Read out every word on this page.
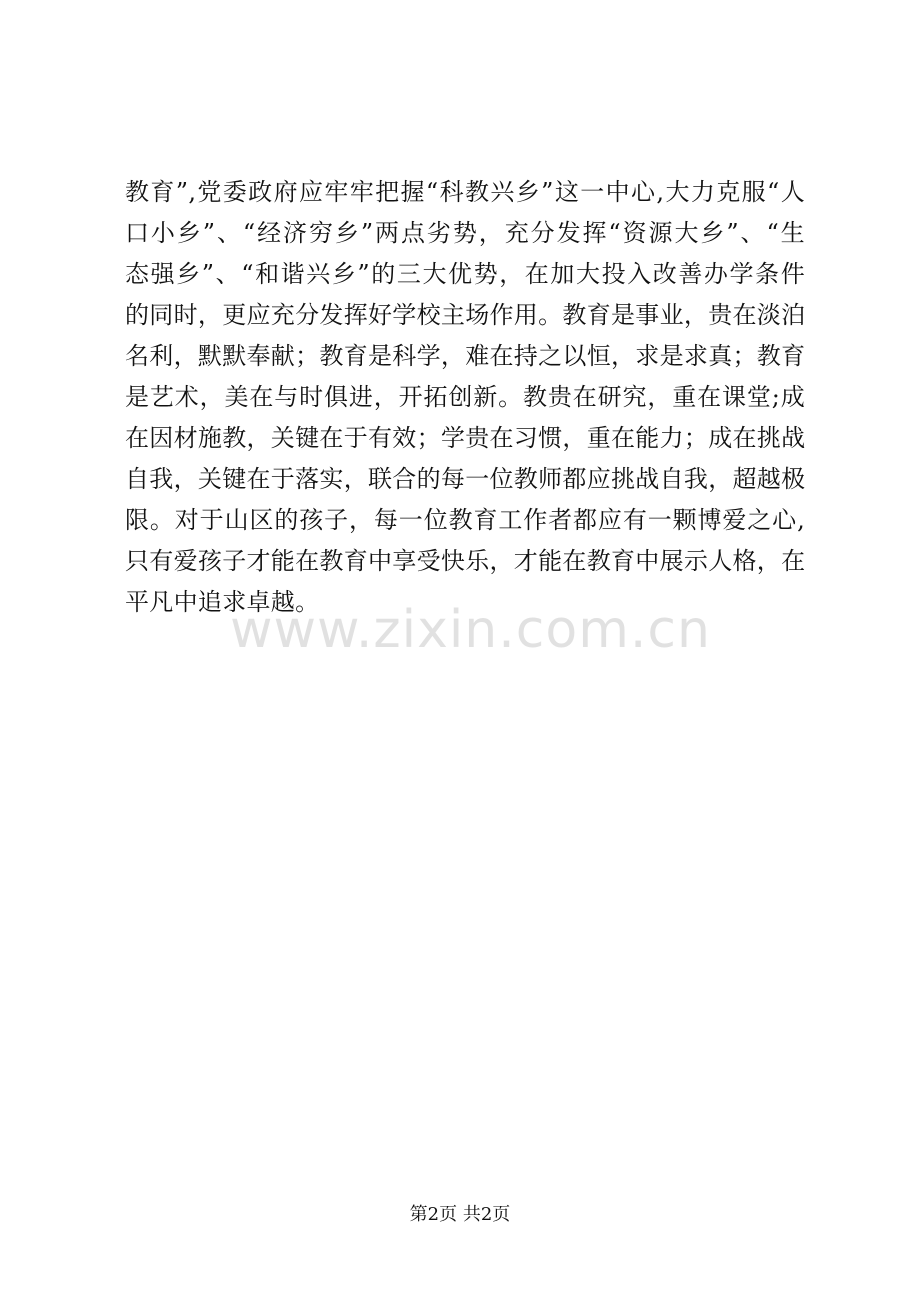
www.zixin.com.cn
教育”,党委政府应牢牢把握“科教兴乡”这一中心,大力克服“人
口小乡”、“经济穷乡”两点劣势，充分发挥“资源大乡”、“生
态强乡”、“和谐兴乡”的三大优势，在加大投入改善办学条件
的同时，更应充分发挥好学校主场作用。教育是事业，贵在淡泊
名利，默默奉献；教育是科学，难在持之以恒，求是求真；教育
是艺术，美在与时俱进，开拓创新。教贵在研究，重在课堂;成
在因材施教，关键在于有效；学贵在习惯，重在能力；成在挑战
自我，关键在于落实，联合的每一位教师都应挑战自我，超越极
限。对于山区的孩子，每一位教育工作者都应有一颗博爱之心,
只有爱孩子才能在教育中享受快乐，才能在教育中展示人格，在
平凡中追求卓越。
第2页 共2页
